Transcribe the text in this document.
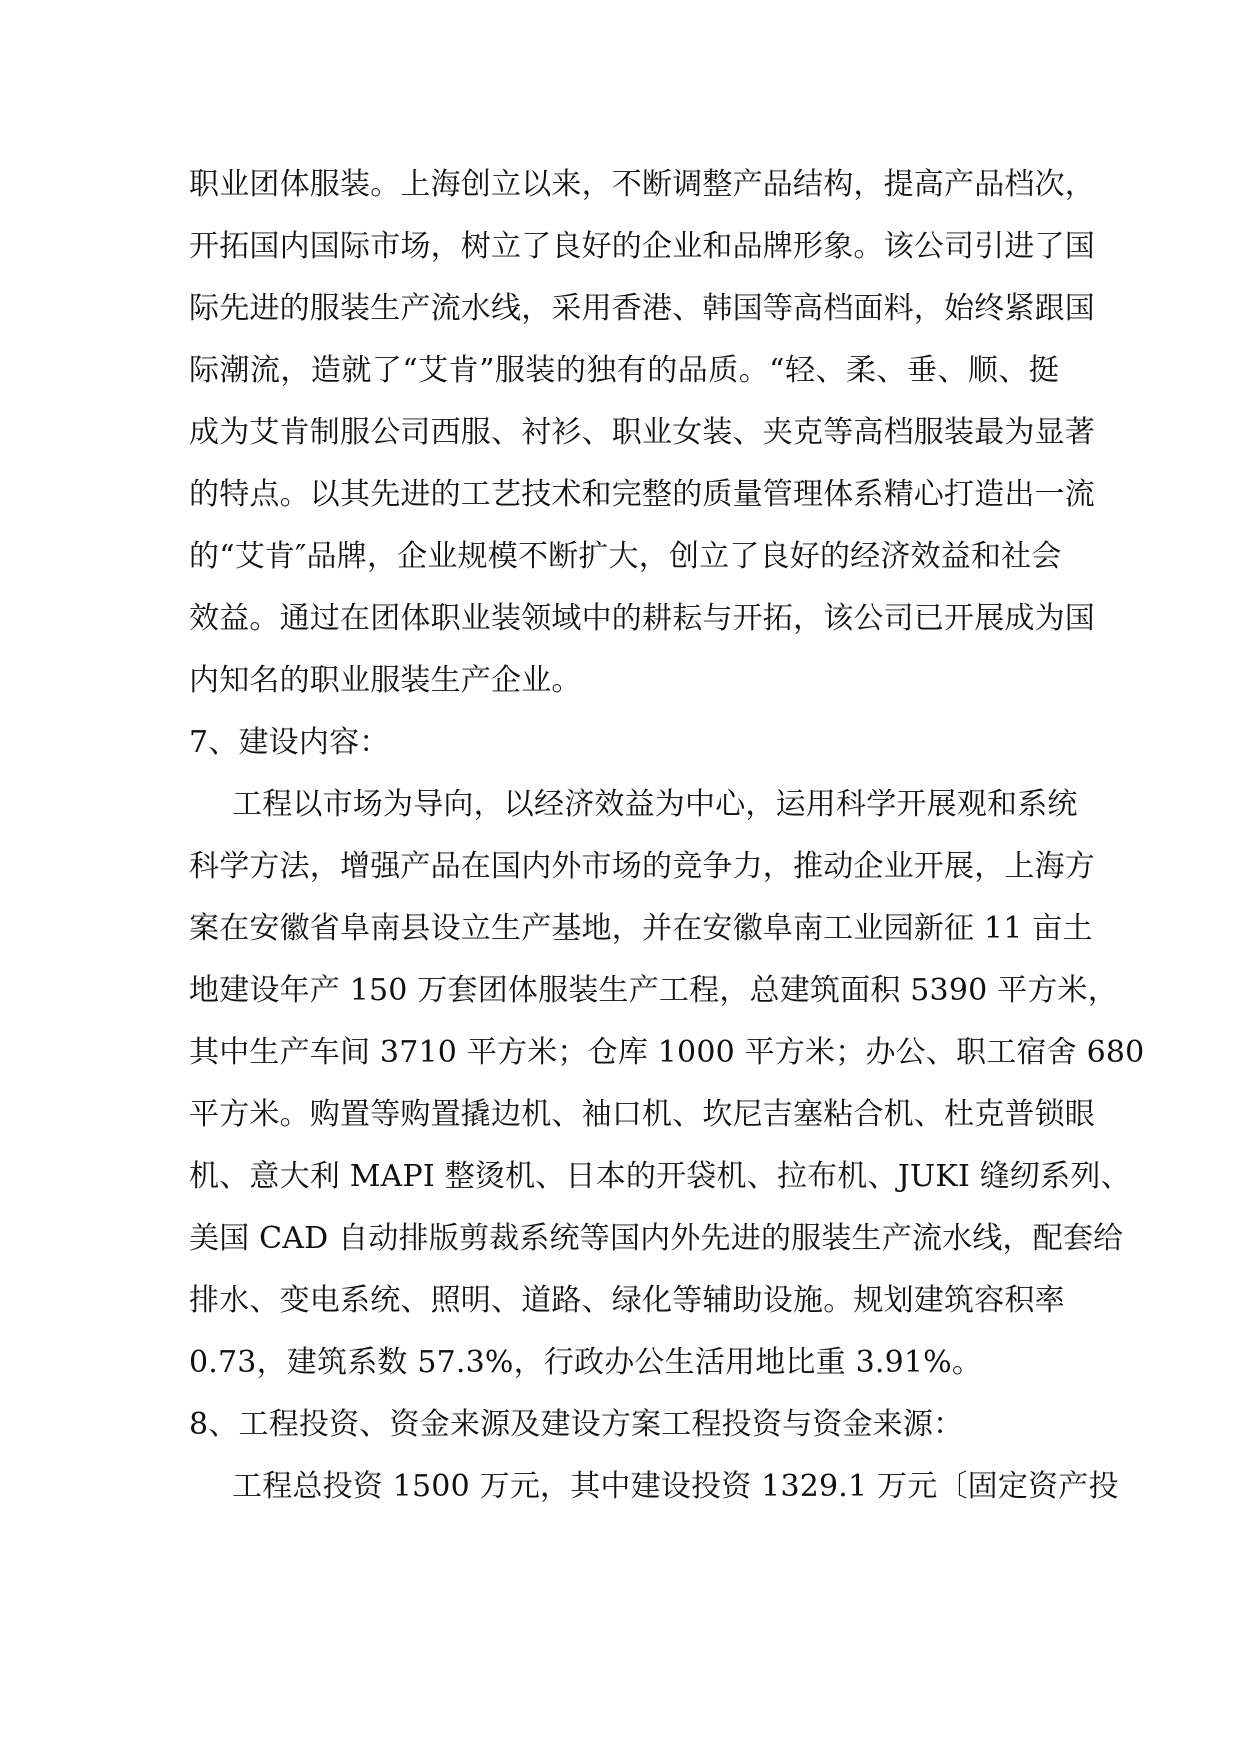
职业团体服装。上海创立以来，不断调整产品结构，提高产品档次，
开拓国内国际市场，树立了良好的企业和品牌形象。该公司引进了国
际先进的服装生产流水线，采用香港、韩国等高档面料，始终紧跟国
际潮流，造就了“艾肯”服装的独有的品质。“轻、柔、垂、顺、挺
成为艾肯制服公司西服、衬衫、职业女装、夹克等高档服装最为显著
的特点。以其先进的工艺技术和完整的质量管理体系精心打造出一流
的“艾肯″品牌，企业规模不断扩大，创立了良好的经济效益和社会
效益。通过在团体职业装领域中的耕耘与开拓，该公司已开展成为国
内知名的职业服装生产企业。
7、建设内容：
工程以市场为导向，以经济效益为中心，运用科学开展观和系统
科学方法，增强产品在国内外市场的竞争力，推动企业开展，上海方
案在安徽省阜南县设立生产基地，并在安徽阜南工业园新征 11 亩土
地建设年产 150 万套团体服装生产工程，总建筑面积 5390 平方米，
其中生产车间 3710 平方米；仓库 1000 平方米；办公、职工宿舍 680
平方米。购置等购置撬边机、袖口机、坎尼吉塞粘合机、杜克普锁眼
机、意大利 MAPI 整烫机、日本的开袋机、拉布机、JUKI 缝纫系列、
美国 CAD 自动排版剪裁系统等国内外先进的服装生产流水线，配套给
排水、变电系统、照明、道路、绿化等辅助设施。规划建筑容积率
0.73，建筑系数 57.3%，行政办公生活用地比重 3.91%。
8、工程投资、资金来源及建设方案工程投资与资金来源：
工程总投资 1500 万元，其中建设投资 1329.1 万元〔固定资产投
